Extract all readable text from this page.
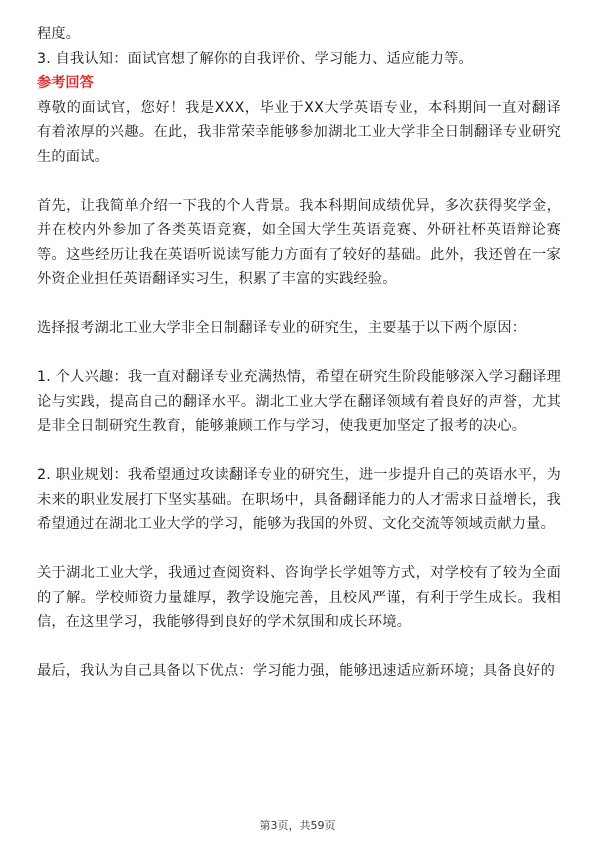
程度。

3. 自我认知：面试官想了解你的自我评价、学习能力、适应能力等。

参考回答

尊敬的面试官，您好！我是XXX，毕业于XX大学英语专业，本科期间一直对翻译有着浓厚的兴趣。在此，我非常荣幸能够参加湖北工业大学非全日制翻译专业研究生的面试。

首先，让我简单介绍一下我的个人背景。我本科期间成绩优异，多次获得奖学金，并在校内外参加了各类英语竞赛，如全国大学生英语竞赛、外研社杯英语辩论赛等。这些经历让我在英语听说读写能力方面有了较好的基础。此外，我还曾在一家外资企业担任英语翻译实习生，积累了丰富的实践经验。

选择报考湖北工业大学非全日制翻译专业的研究生，主要基于以下两个原因：

1. 个人兴趣：我一直对翻译专业充满热情，希望在研究生阶段能够深入学习翻译理论与实践，提高自己的翻译水平。湖北工业大学在翻译领域有着良好的声誉，尤其是非全日制研究生教育，能够兼顾工作与学习，使我更加坚定了报考的决心。

2. 职业规划：我希望通过攻读翻译专业的研究生，进一步提升自己的英语水平，为未来的职业发展打下坚实基础。在职场中，具备翻译能力的人才需求日益增长，我希望通过在湖北工业大学的学习，能够为我国的外贸、文化交流等领域贡献力量。

关于湖北工业大学，我通过查阅资料、咨询学长学姐等方式，对学校有了较为全面的了解。学校师资力量雄厚，教学设施完善，且校风严谨，有利于学生成长。我相信，在这里学习，我能够得到良好的学术氛围和成长环境。

最后，我认为自己具备以下优点：学习能力强，能够迅速适应新环境；具备良好的

第3页，共59页
